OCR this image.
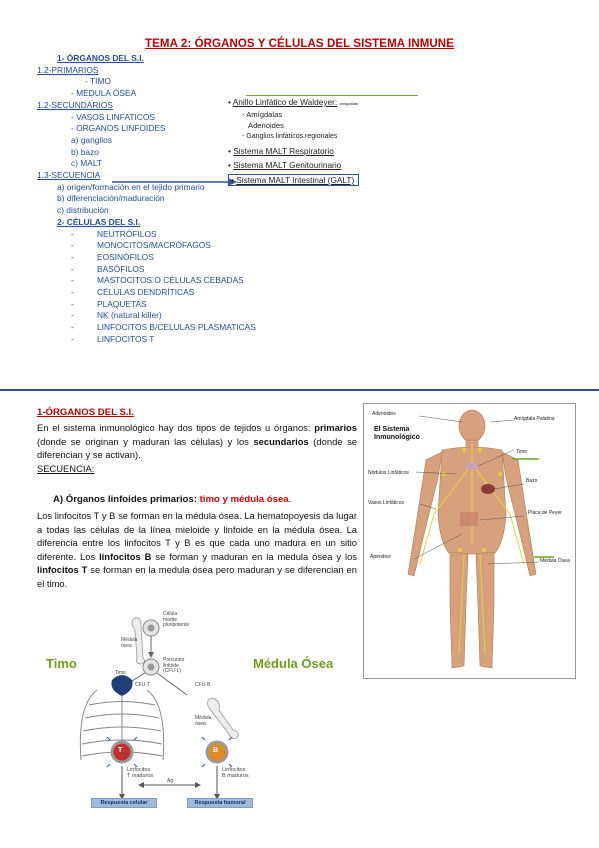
TEMA 2: ÓRGANOS Y CÉLULAS DEL SISTEMA INMUNE
1- ÓRGANOS DEL S.I.
1.2-PRIMARIOS
- TIMO
- MÉDULA ÓSEA
1.2-SECUNDARIOS
- VASOS LINFATICOS
- ORGANOS LINFOIDES
a) ganglios
b) bazo
c) MALT
1.3-SECUENCIA
a) origen/formación en el tejido primario
b) diferenciación/maduración
c) distribución
2- CÉLULAS DEL S.I.
-	NEUTRÓFILOS
-	MONOCITOS/MACRÓFAGOS
-	EOSINÓFILOS
-	BASÓFILOS
-	MASTOCITOS O CÉLULAS CEBADAS
-	CÉLULAS DENDRÍTICAS
-	PLAQUETAS
-	NK (natural killer)
-	LINFOCITOS B/CELULAS PLASMATICAS
-	LINFOCITOS T
• Anillo Linfático de Waldeyer: amígdalas
- Amígdalas
Adenoides
- Ganglios linfáticos regionales
• Sistema MALT Respiratorio
• Sistema MALT Genitourinario
• Sistema MALT Intestinal (GALT)
1-ÓRGANOS DEL S.I.
En el sistema inmunológico hay dos tipos de tejidos u órganos: primarios (donde se originan y maduran las células) y los secundarios (donde se diferencian y se activan).
SECUENCIA:
A) Órganos linfoides primarios: timo y médula ósea.
Los linfocitos T y B se forman en la médula ósea. La hematopoyesis da lugar a todas las células de la línea mieloide y linfoide en la médula ósea. La diferencia entre los linfocitos T y B es que cada uno madura en un sitio diferente. Los linfocitos B se forman y maduran en la medula ósea y los linfocitos T se forman en la medula ósea pero maduran y se diferencian en el timo.
El Sistema
Inmunológico
Adenoides
Amígdala Palatina
Timo
Nódulos Linfáticos
Bazo
Vasos Linfáticos
Placa de Peyer
Apéndice
Médula Ósea
Timo	Médula Ósea
Célula
madre
pluripotente
Médula
ósea
Precursor
linfoide
(CFU-L)
Timo
CFU-T	CFU-B
Médula
ósea
T	B
Linfocitos
T maduros
Linfocitos
B maduros
Ag
Respuesta celular	Respuesta humoral
